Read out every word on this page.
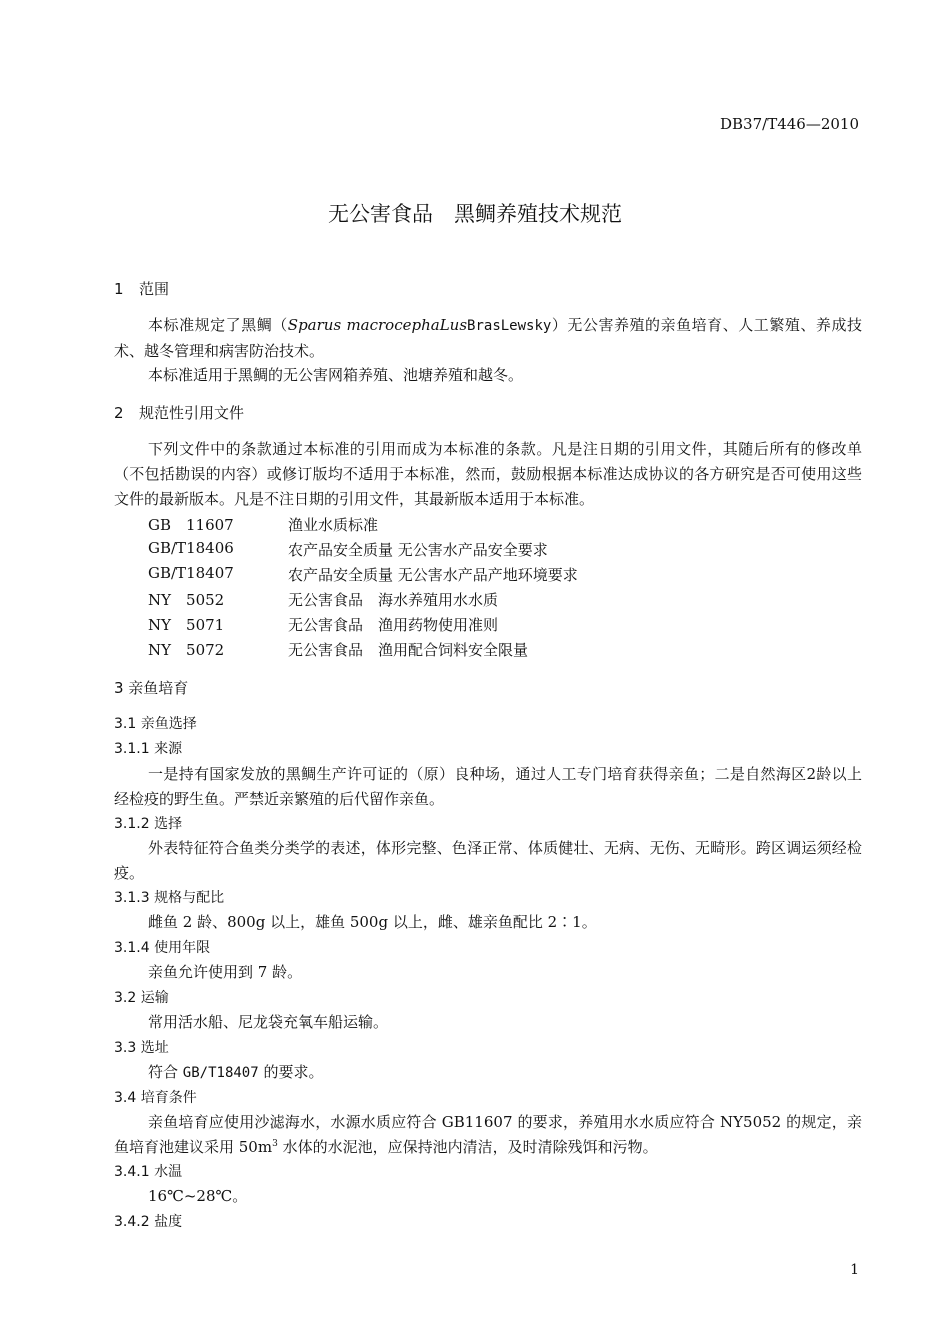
DB37/T446—2010
无公害食品　黑鲷养殖技术规范
1 范围

本标准规定了黑鲷（Sparus macrocephaLusBrasLewsky）无公害养殖的亲鱼培育、人工繁殖、养成技术、越冬管理和病害防治技术。

本标准适用于黑鲷的无公害网箱养殖、池塘养殖和越冬。

2 规范性引用文件

下列文件中的条款通过本标准的引用而成为本标准的条款。凡是注日期的引用文件，其随后所有的修改单（不包括勘误的内容）或修订版均不适用于本标准，然而，鼓励根据本标准达成协议的各方研究是否可使用这些文件的最新版本。凡是不注日期的引用文件，其最新版本适用于本标准。

GB　11607	渔业水质标准
GB/T18406	农产品安全质量 无公害水产品安全要求
GB/T18407	农产品安全质量 无公害水产品产地环境要求
NY　5052	无公害食品　海水养殖用水水质
NY　5071	无公害食品　渔用药物使用准则
NY　5072	无公害食品　渔用配合饲料安全限量
3 亲鱼培育
3.1 亲鱼选择
3.1.1 来源

一是持有国家发放的黑鲷生产许可证的（原）良种场，通过人工专门培育获得亲鱼；二是自然海区2龄以上经检疫的野生鱼。严禁近亲繁殖的后代留作亲鱼。

3.1.2 选择

外表特征符合鱼类分类学的表述，体形完整、色泽正常、体质健壮、无病、无伤、无畸形。跨区调运须经检疫。

3.1.3 规格与配比
雌鱼 2 龄、800g 以上，雄鱼 500g 以上，雌、雄亲鱼配比 2∶1。
3.1.4 使用年限
亲鱼允许使用到 7 龄。
3.2 运输
常用活水船、尼龙袋充氧车船运输。
3.3 选址
符合 GB/T18407 的要求。
3.4 培育条件

亲鱼培育应使用沙滤海水，水源水质应符合 GB11607 的要求，养殖用水水质应符合 NY5052 的规定，亲鱼培育池建议采用 $50m^3$ 水体的水泥池，应保持池内清洁，及时清除残饵和污物。

3.4.1 水温
16℃~28℃。
3.4.2 盐度
1
